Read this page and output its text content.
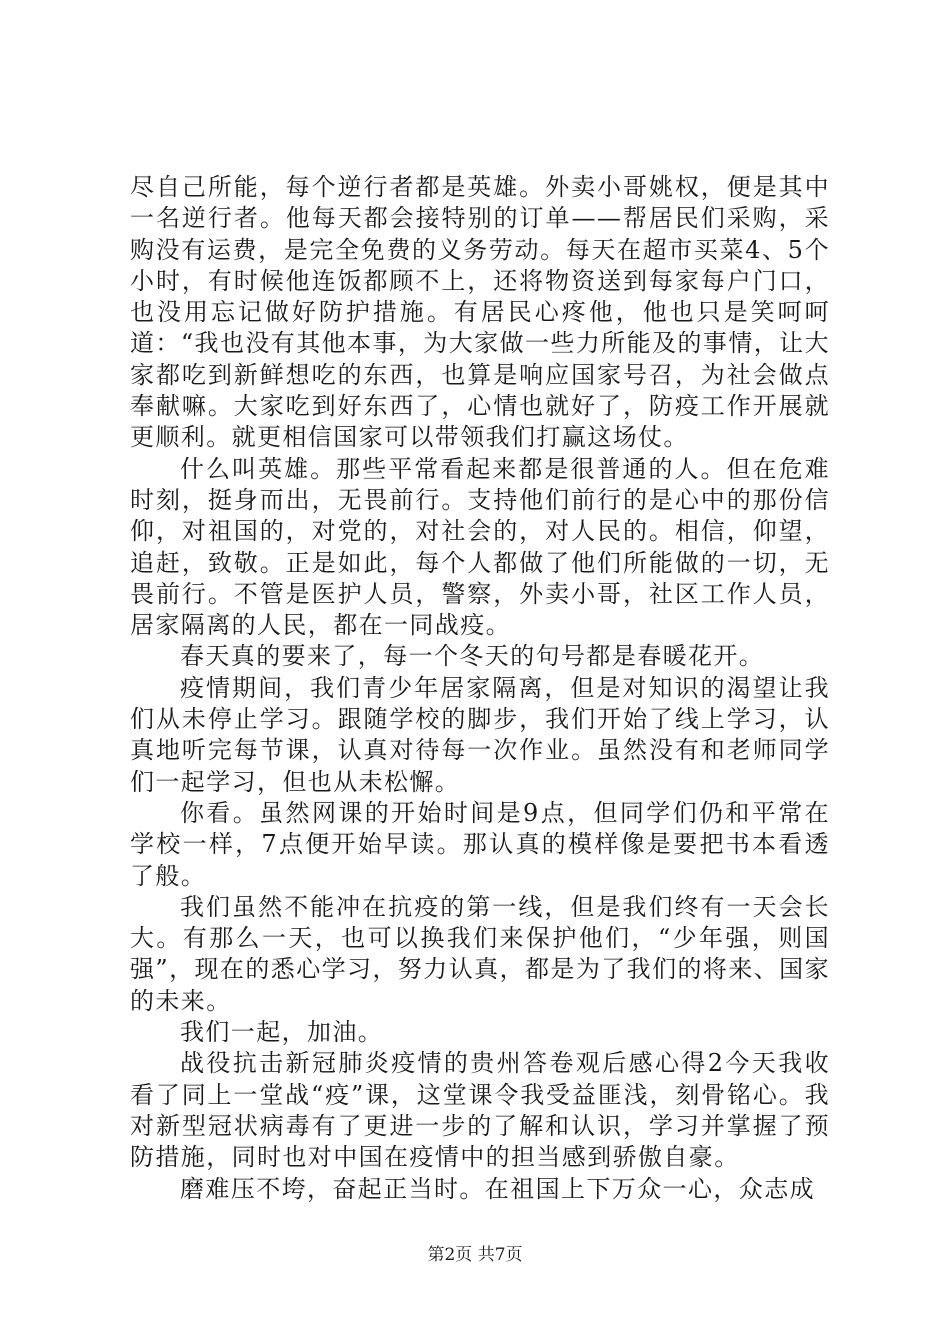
尽自己所能，每个逆行者都是英雄。外卖小哥姚权，便是其中一名逆行者。他每天都会接特别的订单——帮居民们采购，采购没有运费，是完全免费的义务劳动。每天在超市买菜4、5个小时，有时候他连饭都顾不上，还将物资送到每家每户门口，也没用忘记做好防护措施。有居民心疼他，他也只是笑呵呵道：“我也没有其他本事，为大家做一些力所能及的事情，让大家都吃到新鲜想吃的东西，也算是响应国家号召，为社会做点奉献嘛。大家吃到好东西了，心情也就好了，防疫工作开展就更顺利。就更相信国家可以带领我们打赢这场仗。

什么叫英雄。那些平常看起来都是很普通的人。但在危难时刻，挺身而出，无畏前行。支持他们前行的是心中的那份信仰，对祖国的，对党的，对社会的，对人民的。相信，仰望，追赶，致敬。正是如此，每个人都做了他们所能做的一切，无畏前行。不管是医护人员，警察，外卖小哥，社区工作人员，居家隔离的人民，都在一同战疫。

春天真的要来了，每一个冬天的句号都是春暖花开。

疫情期间，我们青少年居家隔离，但是对知识的渴望让我们从未停止学习。跟随学校的脚步，我们开始了线上学习，认真地听完每节课，认真对待每一次作业。虽然没有和老师同学们一起学习，但也从未松懈。

你看。虽然网课的开始时间是9点，但同学们仍和平常在学校一样，7点便开始早读。那认真的模样像是要把书本看透了般。

我们虽然不能冲在抗疫的第一线，但是我们终有一天会长大。有那么一天，也可以换我们来保护他们，“少年强，则国强”，现在的悉心学习，努力认真，都是为了我们的将来、国家的未来。

我们一起，加油。

战役抗击新冠肺炎疫情的贵州答卷观后感心得2今天我收看了同上一堂战“疫”课，这堂课令我受益匪浅，刻骨铭心。我对新型冠状病毒有了更进一步的了解和认识，学习并掌握了预防措施，同时也对中国在疫情中的担当感到骄傲自豪。

磨难压不垮，奋起正当时。在祖国上下万众一心，众志成

第2页 共7页
